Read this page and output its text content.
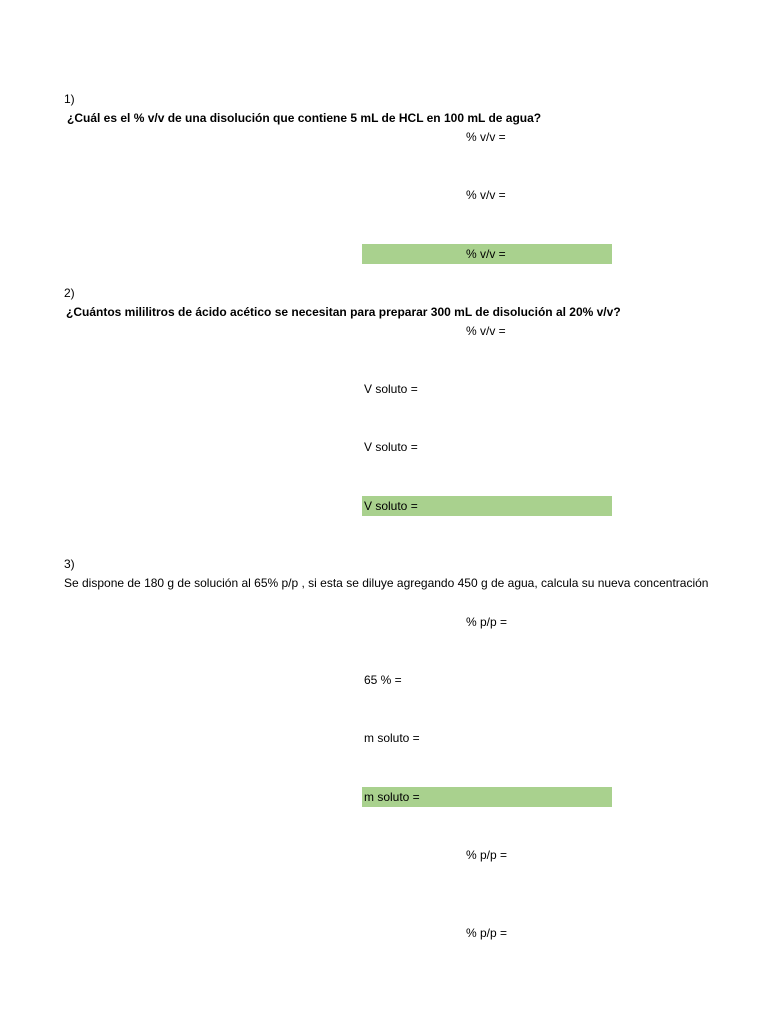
1)
¿Cuál es el % v/v de una disolución que contiene 5 mL de HCL en 100 mL de agua?
% v/v =
% v/v =
% v/v =
2)
¿Cuántos mililitros de ácido acético se necesitan para preparar 300 mL de disolución al 20% v/v?
% v/v =
V soluto =
V soluto =
V soluto =
3)
Se dispone de 180 g de solución al 65% p/p , si esta se diluye agregando 450 g de agua, calcula su nueva concentración
% p/p =
65 % =
m soluto =
m soluto =
% p/p =
% p/p =
